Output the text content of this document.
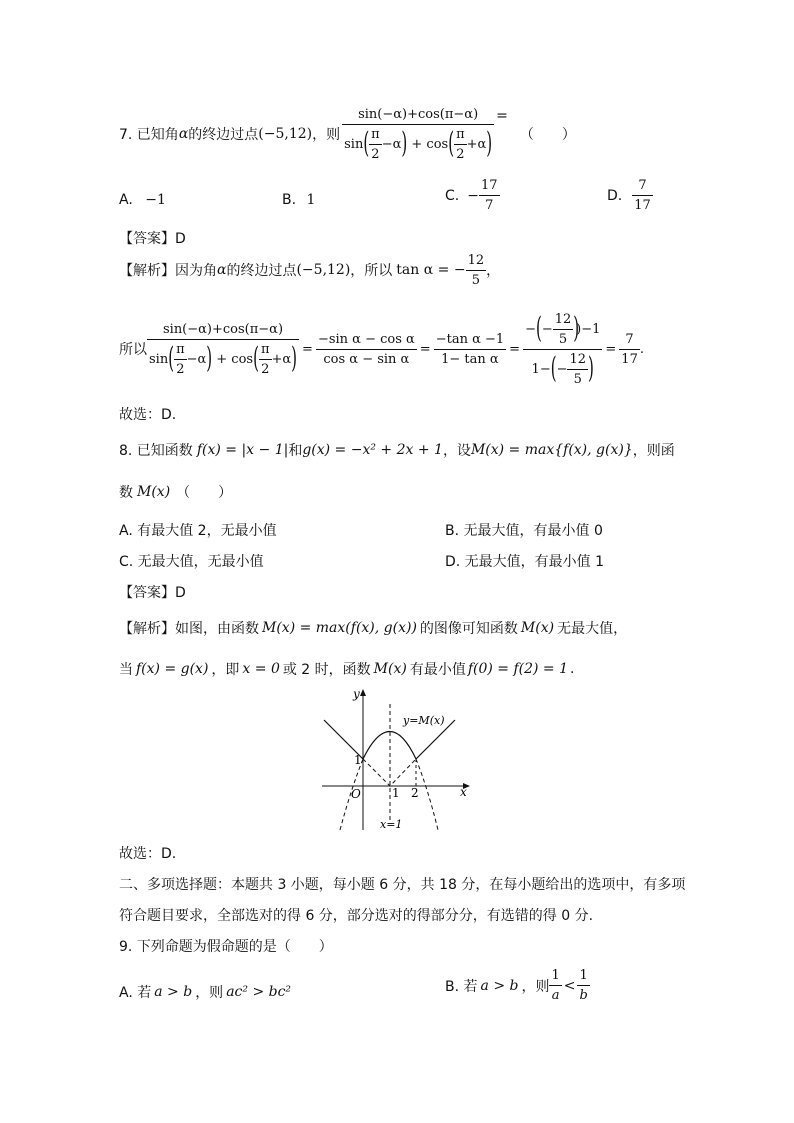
7. 已知角 α 的终边过点 (−5,12) ，则 $\frac{\sin(-\alpha)+\cos(\pi-\alpha)}{\sin( \frac{\pi}{2} -\alpha) + \cos( \frac{\pi}{2} +\alpha)}$ =
（　　）
A. −1	B. 1	C. − $\frac{17}{7}$	D. $\frac{7}{17}$
【答案】D
【解析】因为角 α 的终边过点 (−5,12) ，所以 tan α = − $\frac{12}{5}$ ，
所以 $\frac{\sin(-\alpha)+\cos(\pi-\alpha)}{\sin( \frac{\pi}{2} -\alpha) + \cos( \frac{\pi}{2} +\alpha)} = \frac{\text{−sin α − cos α}}{\text{cos α − sin α}} = \frac{\text{−tan α −1}}{\text{1− tan α}} = \frac{-(- \frac{12}{5} ))-1}{1-(- \frac{12}{5} )} = \frac{7}{17}$ .
故选：D.
8. 已知函数 f(x) = |x − 1| 和 g(x) = −x² + 2x + 1 ，设 M(x) = max{f(x), g(x)} ，则函
数 M(x) （　　）
A. 有最大值 2，无最小值	B. 无最大值，有最小值 0
C. 无最大值，无最小值	D. 无最大值，有最小值 1
【答案】D
【解析】如图，由函数 M(x) = max(f(x), g(x)) 的图像可知函数 M(x) 无最大值，
当 f(x) = g(x) ，即 x = 0 或 2 时，函数 M(x) 有最小值 f(0) = f(2) = 1 .
y
x
O
1
1 2
y=M(x)
x=1
故选：D.
二、多项选择题：本题共 3 小题，每小题 6 分，共 18 分，在每小题给出的选项中，有多项
符合题目要求，全部选对的得 6 分，部分选对的得部分分，有选错的得 0 分.
9. 下列命题为假命题的是（　　）
A. 若 a > b ，则 ac² > bc²	B. 若 a > b ，则 $\frac{1}{a} < \frac{1}{b}$
